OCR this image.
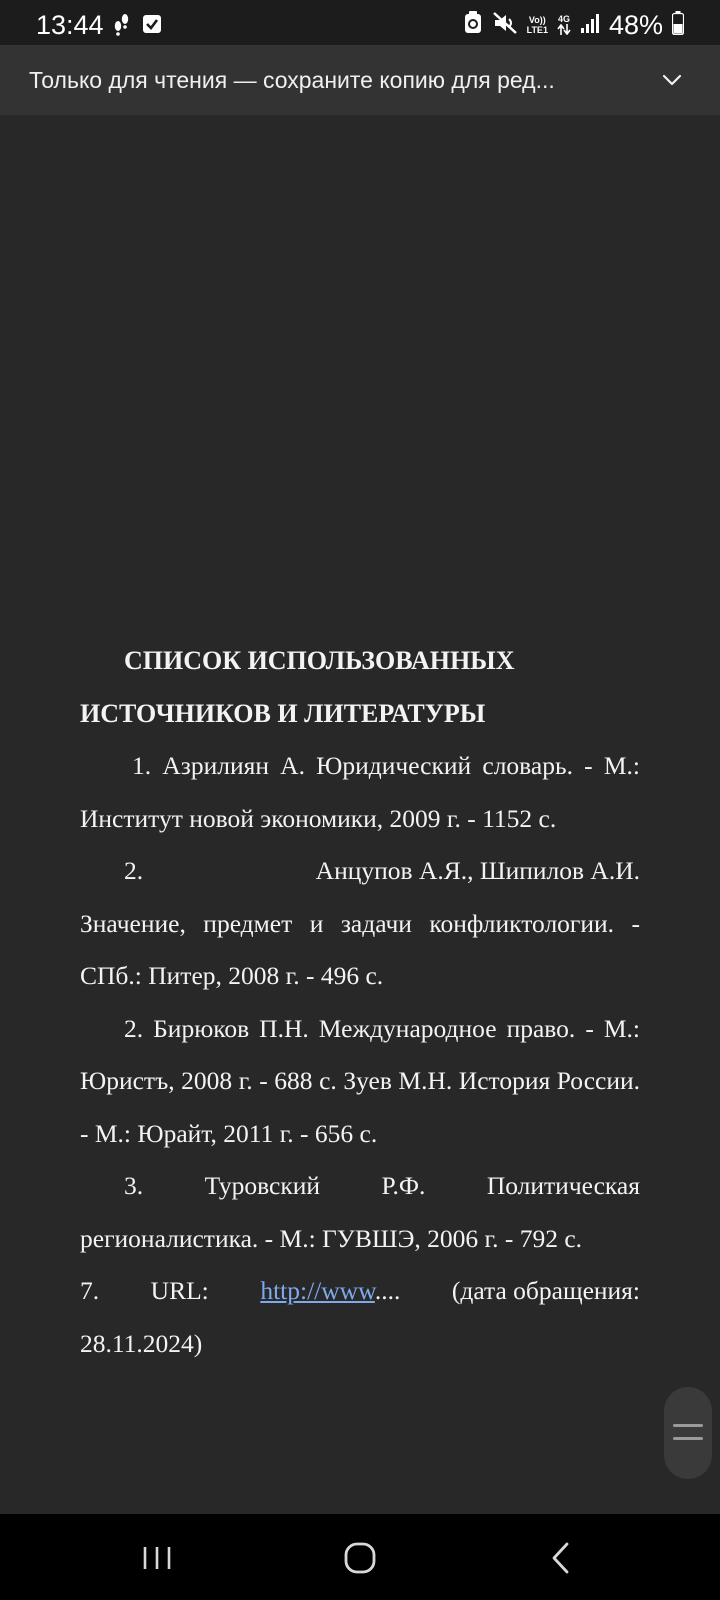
13:44	Vo))
LTE1
4G 48%
Только для чтения — сохраните копию для ред...

СПИСОК ИСПОЛЬЗОВАННЫХ

ИСТОЧНИКОВ И ЛИТЕРАТУРЫ

1. Азрилиян А. Юридический словарь. - М.: Институт новой экономики, 2009 г. - 1152 с.

2.	Анцупов А.Я., Шипилов А.И.

Значение, предмет и задачи конфликтологии. - СПб.: Питер, 2008 г. - 496 с.

2. Бирюков П.Н. Международное право. - М.: Юристъ, 2008 г. - 688 с. Зуев М.Н. История России. - М.: Юрайт, 2011 г. - 656 с.

3. Туровский Р.Ф. Политическая

регионалистика. - М.: ГУВШЭ, 2006 г. - 792 с.

7. URL: http://www.... (дата обращения:

28.11.2024)
